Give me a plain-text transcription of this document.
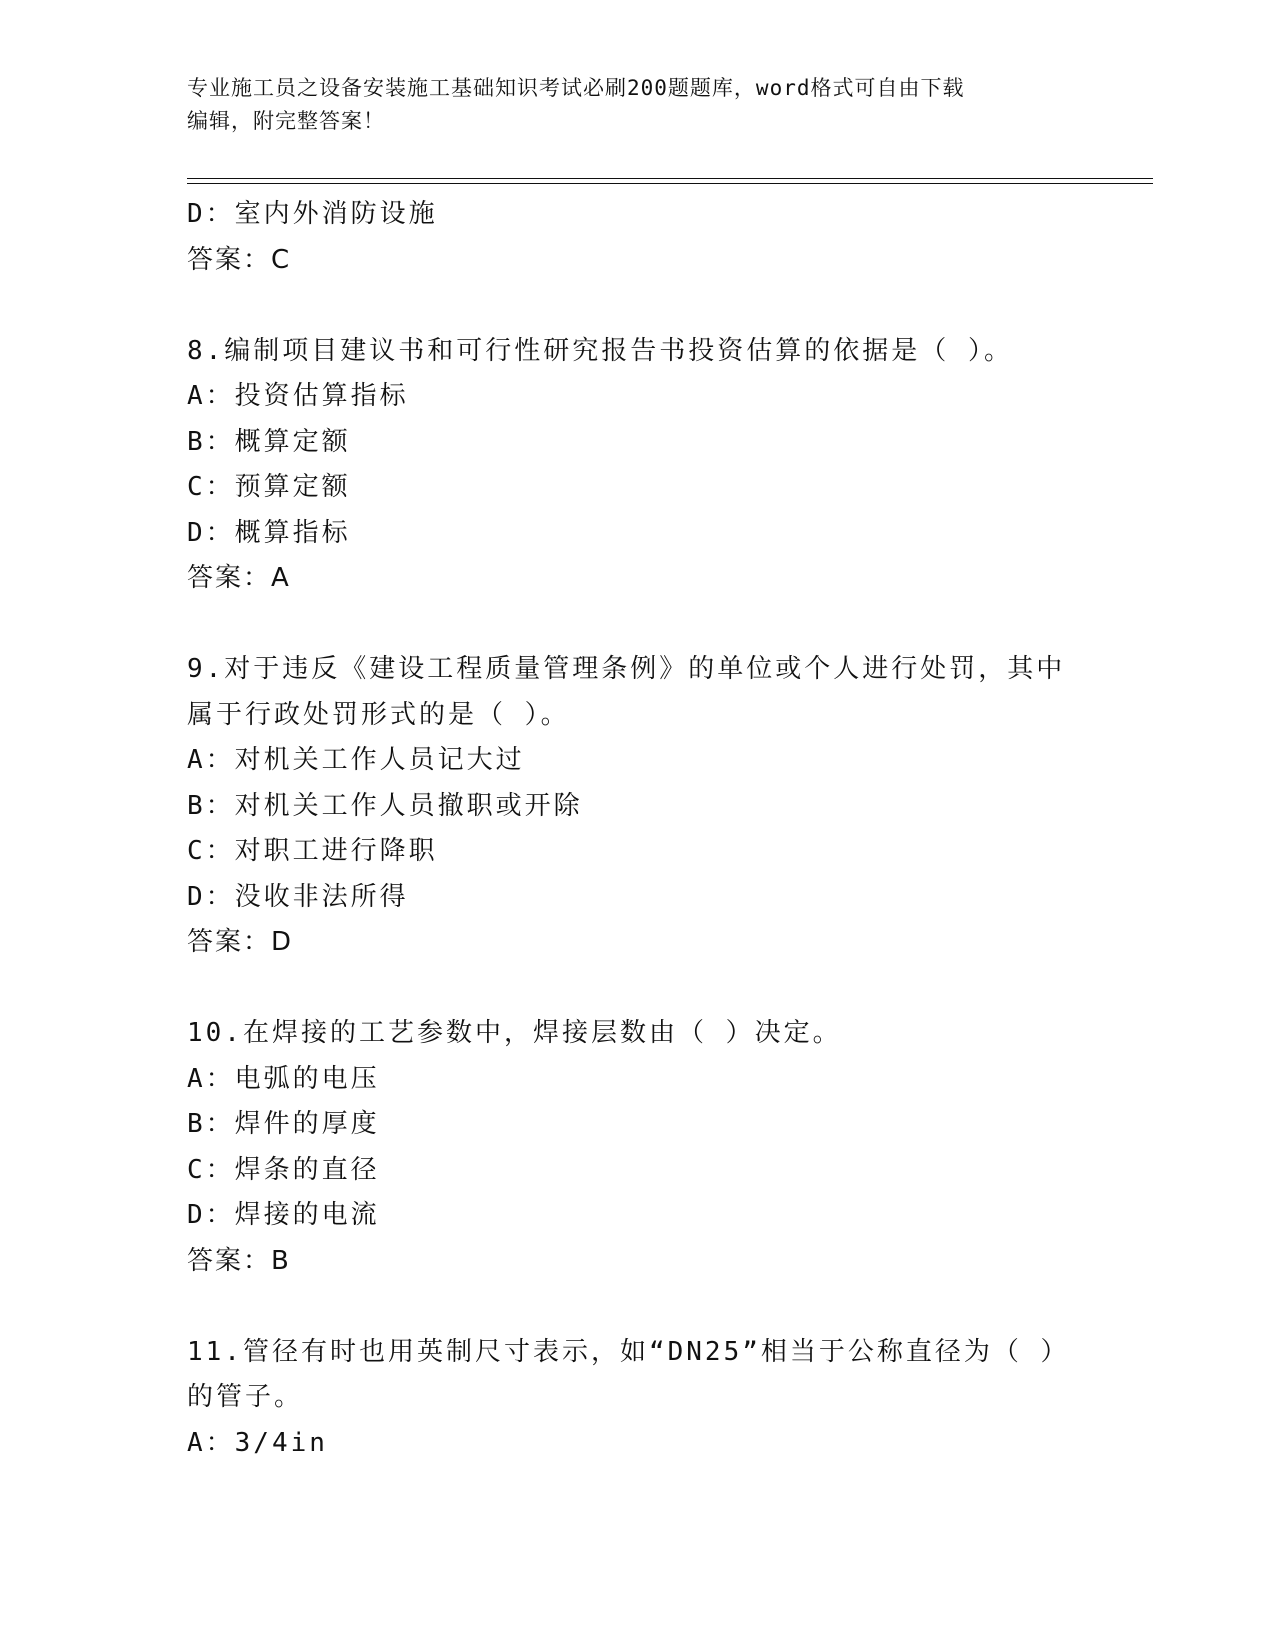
专业施工员之设备安装施工基础知识考试必刷200题题库，word格式可自由下载
编辑，附完整答案！
D：室内外消防设施
答案：C
8.编制项目建议书和可行性研究报告书投资估算的依据是（ ）。
A：投资估算指标
B：概算定额
C：预算定额
D：概算指标
答案：A
9.对于违反《建设工程质量管理条例》的单位或个人进行处罚，其中
属于行政处罚形式的是（ ）。
A：对机关工作人员记大过
B：对机关工作人员撤职或开除
C：对职工进行降职
D：没收非法所得
答案：D
10.在焊接的工艺参数中，焊接层数由（ ）决定。
A：电弧的电压
B：焊件的厚度
C：焊条的直径
D：焊接的电流
答案：B
11.管径有时也用英制尺寸表示，如“DN25”相当于公称直径为（ ）
的管子。
A：3/4in
